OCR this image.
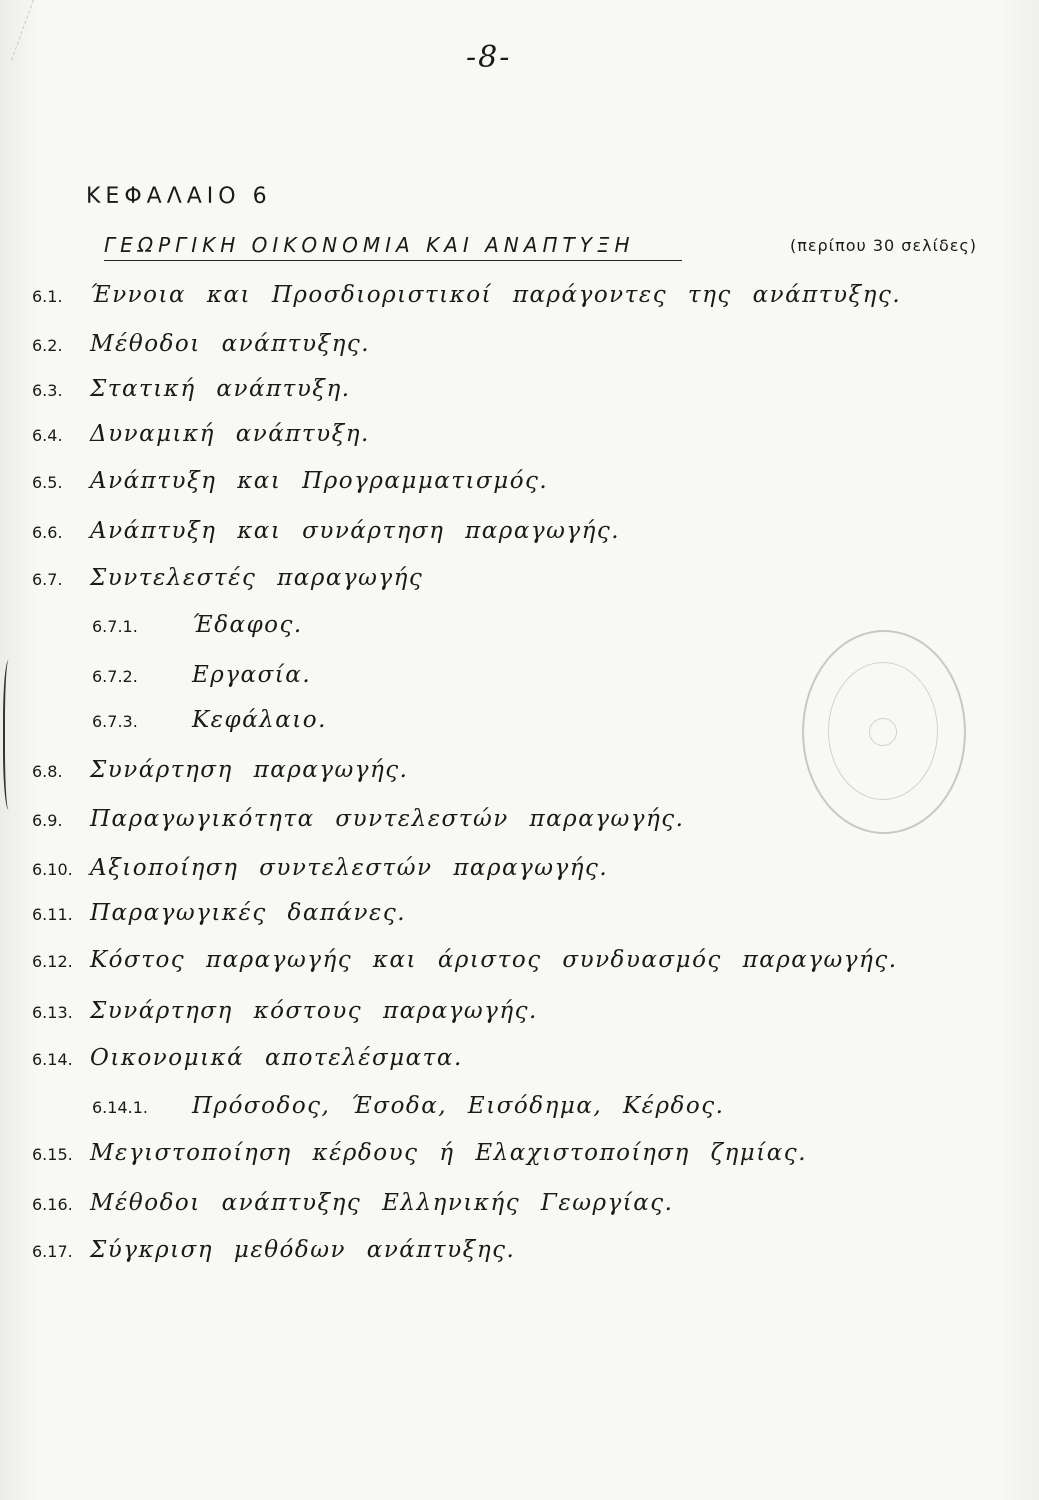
-8-
ΚΕΦΑΛΑΙΟ 6
ΓΕΩΡΓΙΚΗ ΟΙΚΟΝΟΜΙΑ ΚΑΙ ΑΝΑΠΤΥΞΗ	(περίπου 30 σελίδες)
6.1. Έννοια και Προσδιοριστικοί παράγοντες της ανάπτυξης.
6.2. Μέθοδοι ανάπτυξης.
6.3. Στατική ανάπτυξη.
6.4. Δυναμική ανάπτυξη.
6.5. Ανάπτυξη και Προγραμματισμός.
6.6. Ανάπτυξη και συνάρτηση παραγωγής.
6.7. Συντελεστές παραγωγής
6.7.1. Έδαφος.
6.7.2. Εργασία.
6.7.3. Κεφάλαιο.
6.8. Συνάρτηση παραγωγής.
6.9. Παραγωγικότητα συντελεστών παραγωγής.
6.10. Αξιοποίηση συντελεστών παραγωγής.
6.11. Παραγωγικές δαπάνες.
6.12. Κόστος παραγωγής και άριστος συνδυασμός παραγωγής.
6.13. Συνάρτηση κόστους παραγωγής.
6.14. Οικονομικά αποτελέσματα.
6.14.1. Πρόσοδος, Έσοδα, Εισόδημα, Κέρδος.
6.15. Μεγιστοποίηση κέρδους ή Ελαχιστοποίηση ζημίας.
6.16. Μέθοδοι ανάπτυξης Ελληνικής Γεωργίας.
6.17. Σύγκριση μεθόδων ανάπτυξης.
